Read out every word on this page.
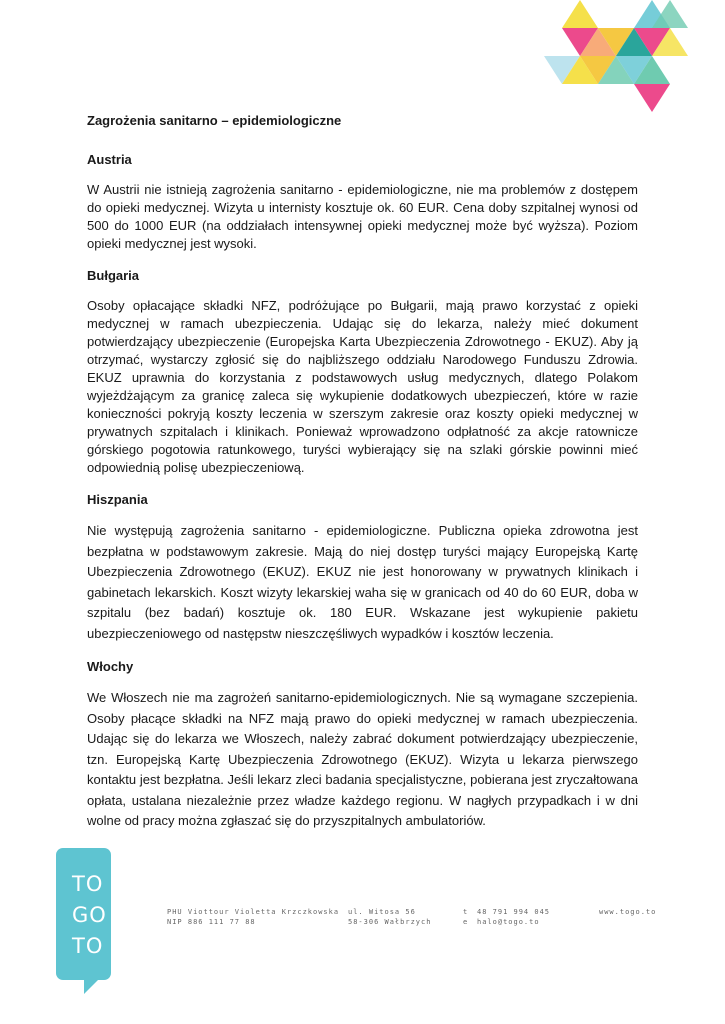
Zagrożenia sanitarno – epidemiologiczne
Austria

W Austrii nie istnieją zagrożenia sanitarno - epidemiologiczne, nie ma problemów z dostępem do opieki medycznej. Wizyta u internisty kosztuje ok. 60 EUR. Cena doby szpitalnej wynosi od 500 do 1000 EUR (na oddziałach intensywnej opieki medycznej może być wyższa). Poziom opieki medycznej jest wysoki.

Bułgaria

Osoby opłacające składki NFZ, podróżujące po Bułgarii, mają prawo korzystać z opieki medycznej w ramach ubezpieczenia. Udając się do lekarza, należy mieć dokument potwierdzający ubezpieczenie (Europejska Karta Ubezpieczenia Zdrowotnego - EKUZ). Aby ją otrzymać, wystarczy zgłosić się do najbliższego oddziału Narodowego Funduszu Zdrowia. EKUZ uprawnia do korzystania z podstawowych usług medycznych, dlatego Polakom wyjeżdżającym za granicę zaleca się wykupienie dodatkowych ubezpieczeń, które w razie konieczności pokryją koszty leczenia w szerszym zakresie oraz koszty opieki medycznej w prywatnych szpitalach i klinikach. Ponieważ wprowadzono odpłatność za akcje ratownicze górskiego pogotowia ratunkowego, turyści wybierający się na szlaki górskie powinni mieć odpowiednią polisę ubezpieczeniową.

Hiszpania

Nie występują zagrożenia sanitarno - epidemiologiczne. Publiczna opieka zdrowotna jest bezpłatna w podstawowym zakresie. Mają do niej dostęp turyści mający Europejską Kartę Ubezpieczenia Zdrowotnego (EKUZ). EKUZ nie jest honorowany w prywatnych klinikach i gabinetach lekarskich. Koszt wizyty lekarskiej waha się w granicach od 40 do 60 EUR, doba w szpitalu (bez badań) kosztuje ok. 180 EUR. Wskazane jest wykupienie pakietu ubezpieczeniowego od następstw nieszczęśliwych wypadków i kosztów leczenia.

Włochy

We Włoszech nie ma zagrożeń sanitarno-epidemiologicznych. Nie są wymagane szczepienia. Osoby płacące składki na NFZ mają prawo do opieki medycznej w ramach ubezpieczenia. Udając się do lekarza we Włoszech, należy zabrać dokument potwierdzający ubezpieczenie, tzn. Europejską Kartę Ubezpieczenia Zdrowotnego (EKUZ). Wizyta u lekarza pierwszego kontaktu jest bezpłatna. Jeśli lekarz zleci badania specjalistyczne, pobierana jest zryczałtowana opłata, ustalana niezależnie przez władze każdego regionu. W nagłych przypadkach i w dni wolne od pracy można zgłaszać się do przyszpitalnych ambulatoriów.

TO
GO
TO
PHU Viottour Violetta Krzczkowska
NIP 886 111 77 88
ul. Witosa 56
58-306 Wałbrzych
t 48 791 994 045
e halo@togo.to
www.togo.to
